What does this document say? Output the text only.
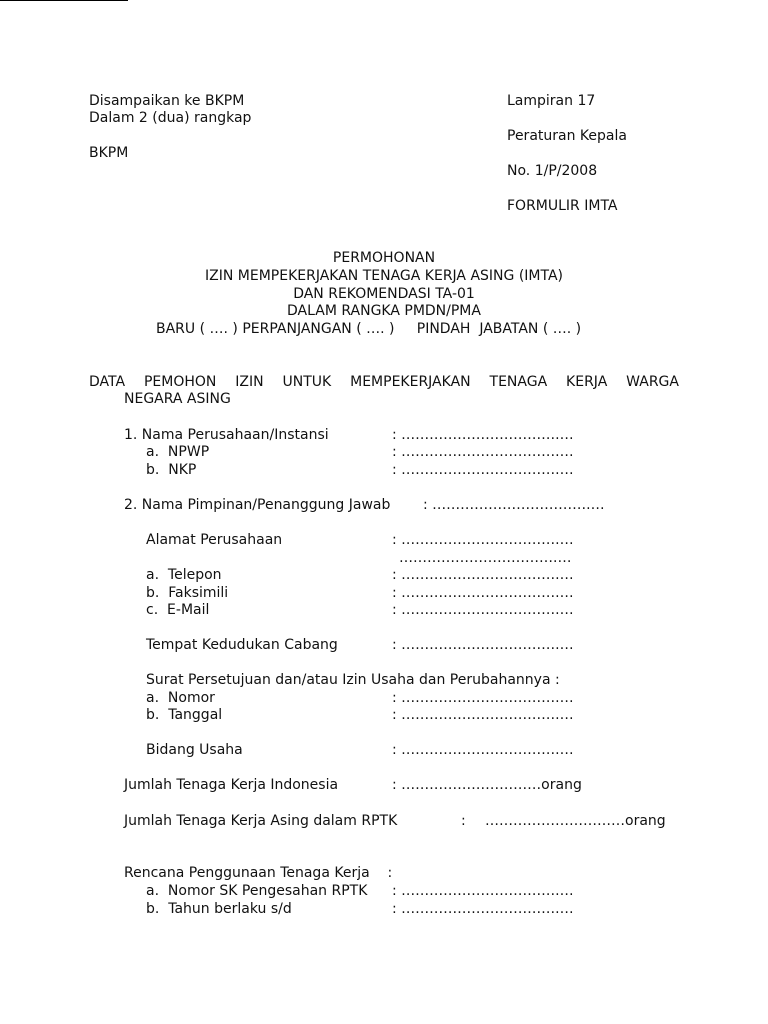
Disampaikan ke BKPM
Dalam 2 (dua) rangkap
BKPM
Lampiran 17
Peraturan Kepala
No. 1/P/2008
FORMULIR IMTA
PERMOHONAN
IZIN MEMPEKERJAKAN TENAGA KERJA ASING (IMTA)
DAN REKOMENDASI TA-01
DALAM RANGKA PMDN/PMA
BARU ( …. ) PERPANJANGAN ( …. )     PINDAH  JABATAN ( …. )
DATA PEMOHON IZIN UNTUK MEMPEKERJAKAN TENAGA KERJA WARGA
NEGARA ASING
1. Nama Perusahaan/Instansi	: …………………………….…
a.  NPWP	: …………………………….…
b.  NKP	: …………………………….…
2. Nama Pimpinan/Penanggung Jawab : …………………………….…
Alamat Perusahaan	: …………………………….…
…………………………….…
a.  Telepon	: …………………………….…
b.  Faksimili	: …………………………….…
c.  E-Mail	: …………………………….…
Tempat Kedudukan Cabang	: …………………………….…
Surat Persetujuan dan/atau Izin Usaha dan Perubahannya :
a.  Nomor	: …………………………….…
b.  Tanggal	: …………………………….…
Bidang Usaha	: …………………………….…
Jumlah Tenaga Kerja Indonesia	: …………………………orang
Jumlah Tenaga Kerja Asing dalam RPTK	: …………………………orang
Rencana Penggunaan Tenaga Kerja    :
a.  Nomor SK Pengesahan RPTK : …………………………….…
b.  Tahun berlaku s/d	: …………………………….…
